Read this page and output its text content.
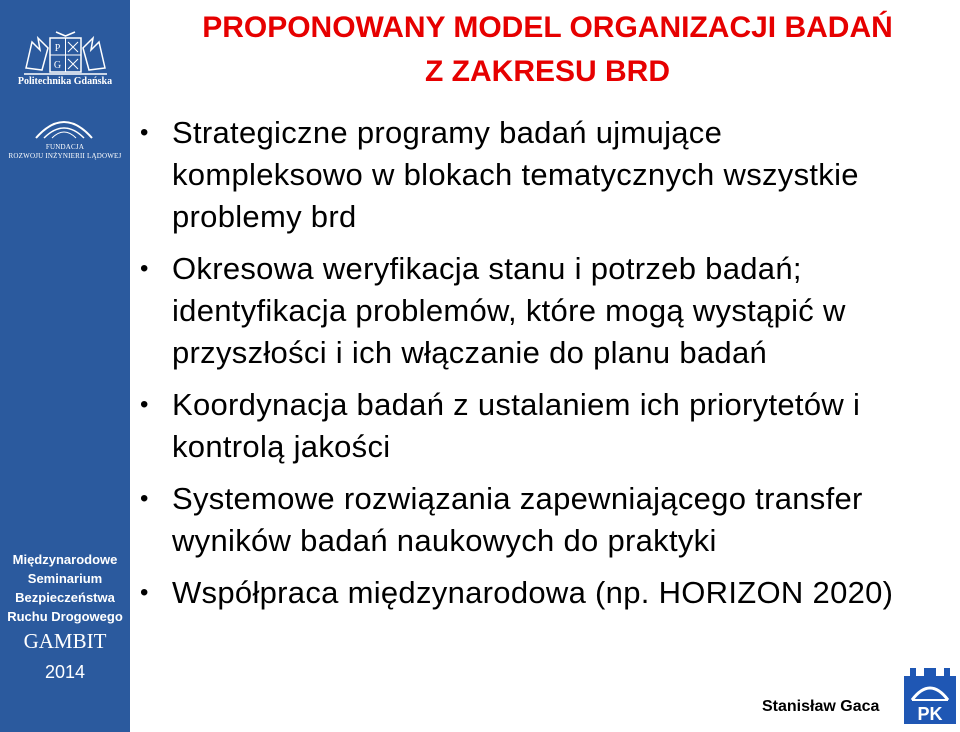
P
G
Politechnika Gdańska
FUNDACJA
ROZWOJU INŻYNIERII LĄDOWEJ
Międzynarodowe
Seminarium
Bezpieczeństwa
Ruchu Drogowego
GAMBIT
2014
PROPONOWANY MODEL ORGANIZACJI BADAŃ
Z ZAKRESU BRD
• Strategiczne programy badań ujmujące kompleksowo w blokach tematycznych wszystkie problemy brd
• Okresowa weryfikacja stanu i potrzeb badań; identyfikacja problemów, które mogą wystąpić w przyszłości i ich włączanie do planu badań
• Koordynacja badań z ustalaniem ich priorytetów i kontrolą jakości
• Systemowe rozwiązania zapewniającego transfer wyników badań naukowych do praktyki
• Współpraca międzynarodowa (np. HORIZON 2020)
Stanisław Gaca PK
